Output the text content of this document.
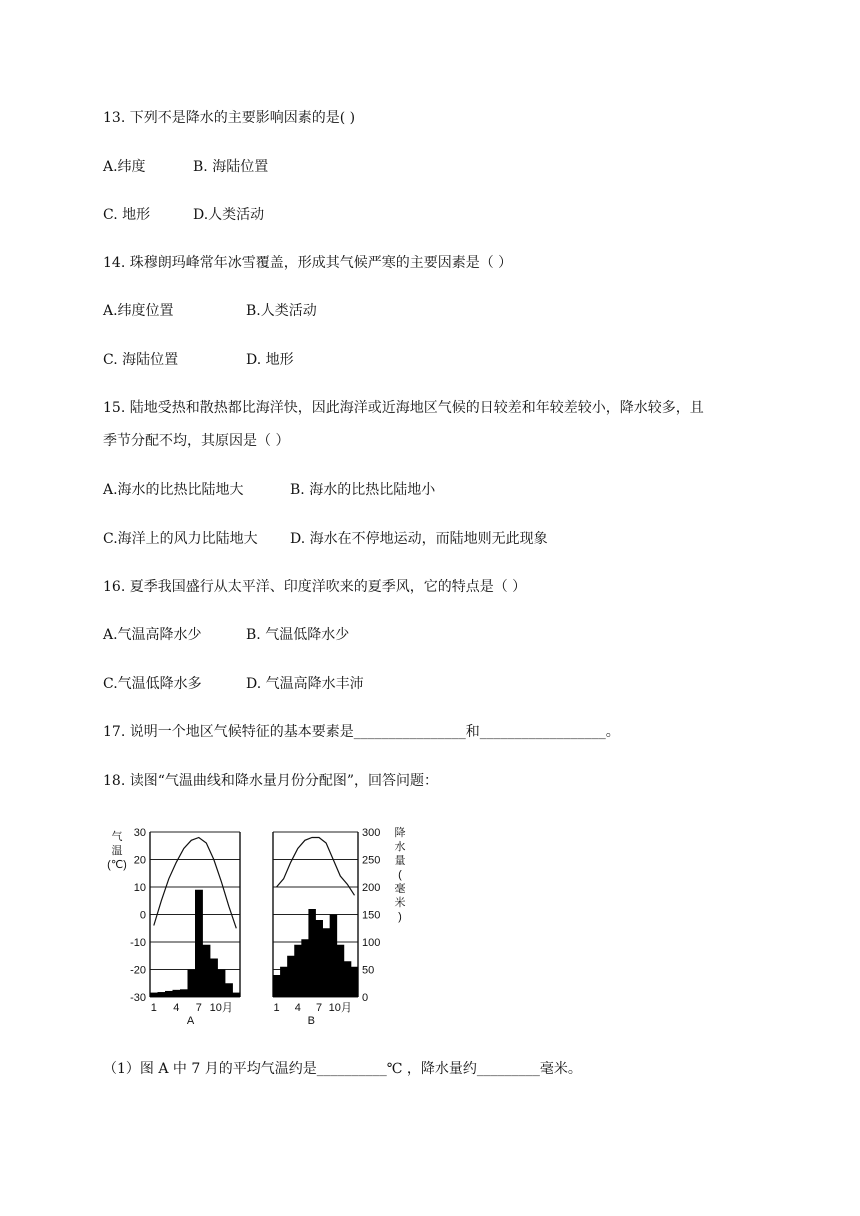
13. 下列不是降水的主要影响因素的是( )
A.纬度	B. 海陆位置
C. 地形	D.人类活动
14. 珠穆朗玛峰常年冰雪覆盖，形成其气候严寒的主要因素是（ ）
A.纬度位置	B.人类活动
C. 海陆位置	D. 地形
15. 陆地受热和散热都比海洋快，因此海洋或近海地区气候的日较差和年较差较小，降水较多，且
季节分配不均，其原因是（ ）
A.海水的比热比陆地大	B. 海水的比热比陆地小
C.海洋上的风力比陆地大 D. 海水在不停地运动，而陆地则无此现象
16. 夏季我国盛行从太平洋、印度洋吹来的夏季风，它的特点是（ ）
A.气温高降水少	B. 气温低降水少
C.气温低降水多	D. 气温高降水丰沛
17. 说明一个地区气候特征的基本要素是________________和__________________。
18. 读图“气温曲线和降水量月份分配图”，回答问题：
1 4 7 10月
A
1 4 7 10月
B
30
20
10
0
-10
-20
-30
300
250
200
150
100
50
0
气温(℃)
降水量(毫米)
（1）图 A 中 7 月的平均气温约是__________℃ ，降水量约_________毫米。
